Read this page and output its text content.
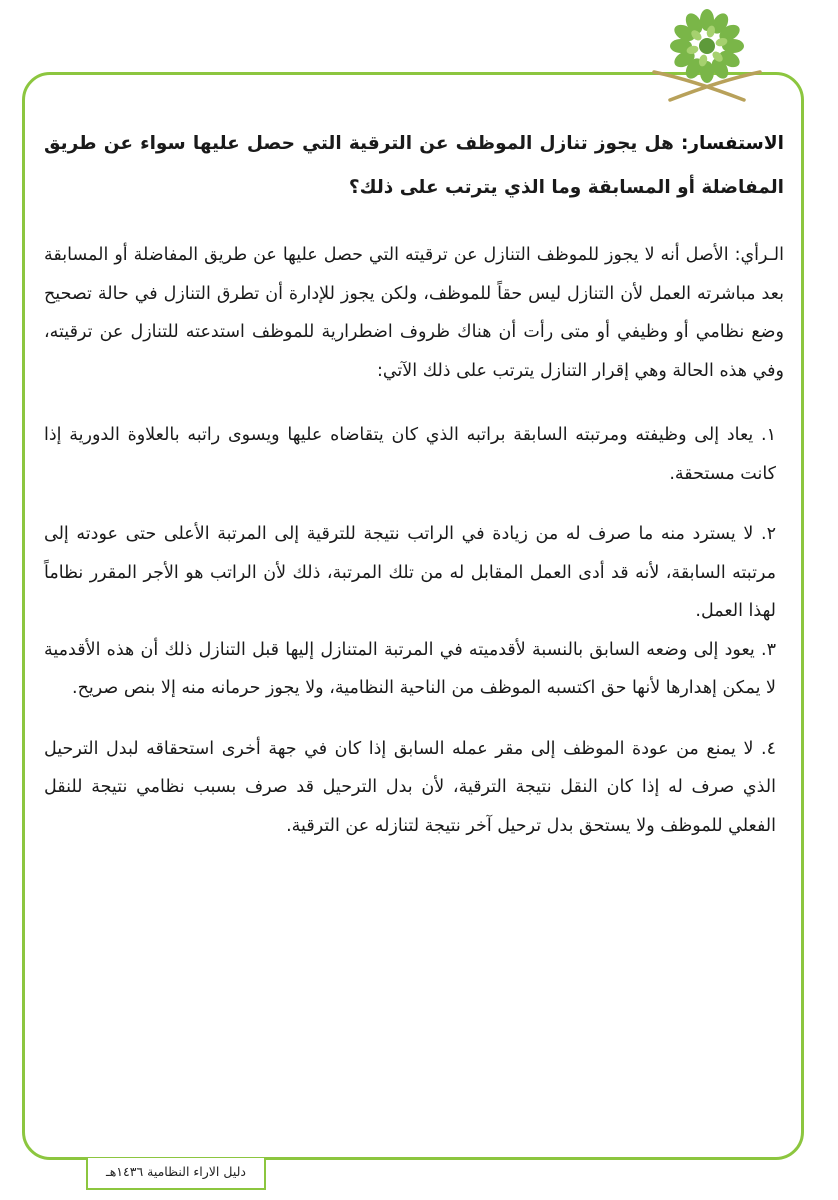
الاستفسار: هل يجوز تنازل الموظف عن الترقية التي حصل عليها سواء عن طريق المفاضلة أو المسابقة وما الذي يترتب على ذلك؟

الـرأي: الأصل أنه لا يجوز للموظف التنازل عن ترقيته التي حصل عليها عن طريق المفاضلة أو المسابقة بعد مباشرته العمل لأن التنازل ليس حقاً للموظف، ولكن يجوز للإدارة أن تطرق التنازل في حالة تصحيح وضع نظامي أو وظيفي أو متى رأت أن هناك ظروف اضطرارية للموظف استدعته للتنازل عن ترقيته، وفي هذه الحالة وهي إقرار التنازل يترتب على ذلك الآتي:

١. يعاد إلى وظيفته ومرتبته السابقة براتبه الذي كان يتقاضاه عليها ويسوى راتبه بالعلاوة الدورية إذا كانت مستحقة.

٢. لا يسترد منه ما صرف له من زيادة في الراتب نتيجة للترقية إلى المرتبة الأعلى حتى عودته إلى مرتبته السابقة، لأنه قد أدى العمل المقابل له من تلك المرتبة، ذلك لأن الراتب هو الأجر المقرر نظاماً لهذا العمل.

٣. يعود إلى وضعه السابق بالنسبة لأقدميته في المرتبة المتنازل إليها قبل التنازل ذلك أن هذه الأقدمية لا يمكن إهدارها لأنها حق اكتسبه الموظف من الناحية النظامية، ولا يجوز حرمانه منه إلا بنص صريح.

٤. لا يمنع من عودة الموظف إلى مقر عمله السابق إذا كان في جهة أخرى استحقاقه لبدل الترحيل الذي صرف له إذا كان النقل نتيجة الترقية، لأن بدل الترحيل قد صرف بسبب نظامي نتيجة للنقل الفعلي للموظف ولا يستحق بدل ترحيل آخر نتيجة لتنازله عن الترقية.

دليل الاراء النظامية ١٤٣٦هـ
